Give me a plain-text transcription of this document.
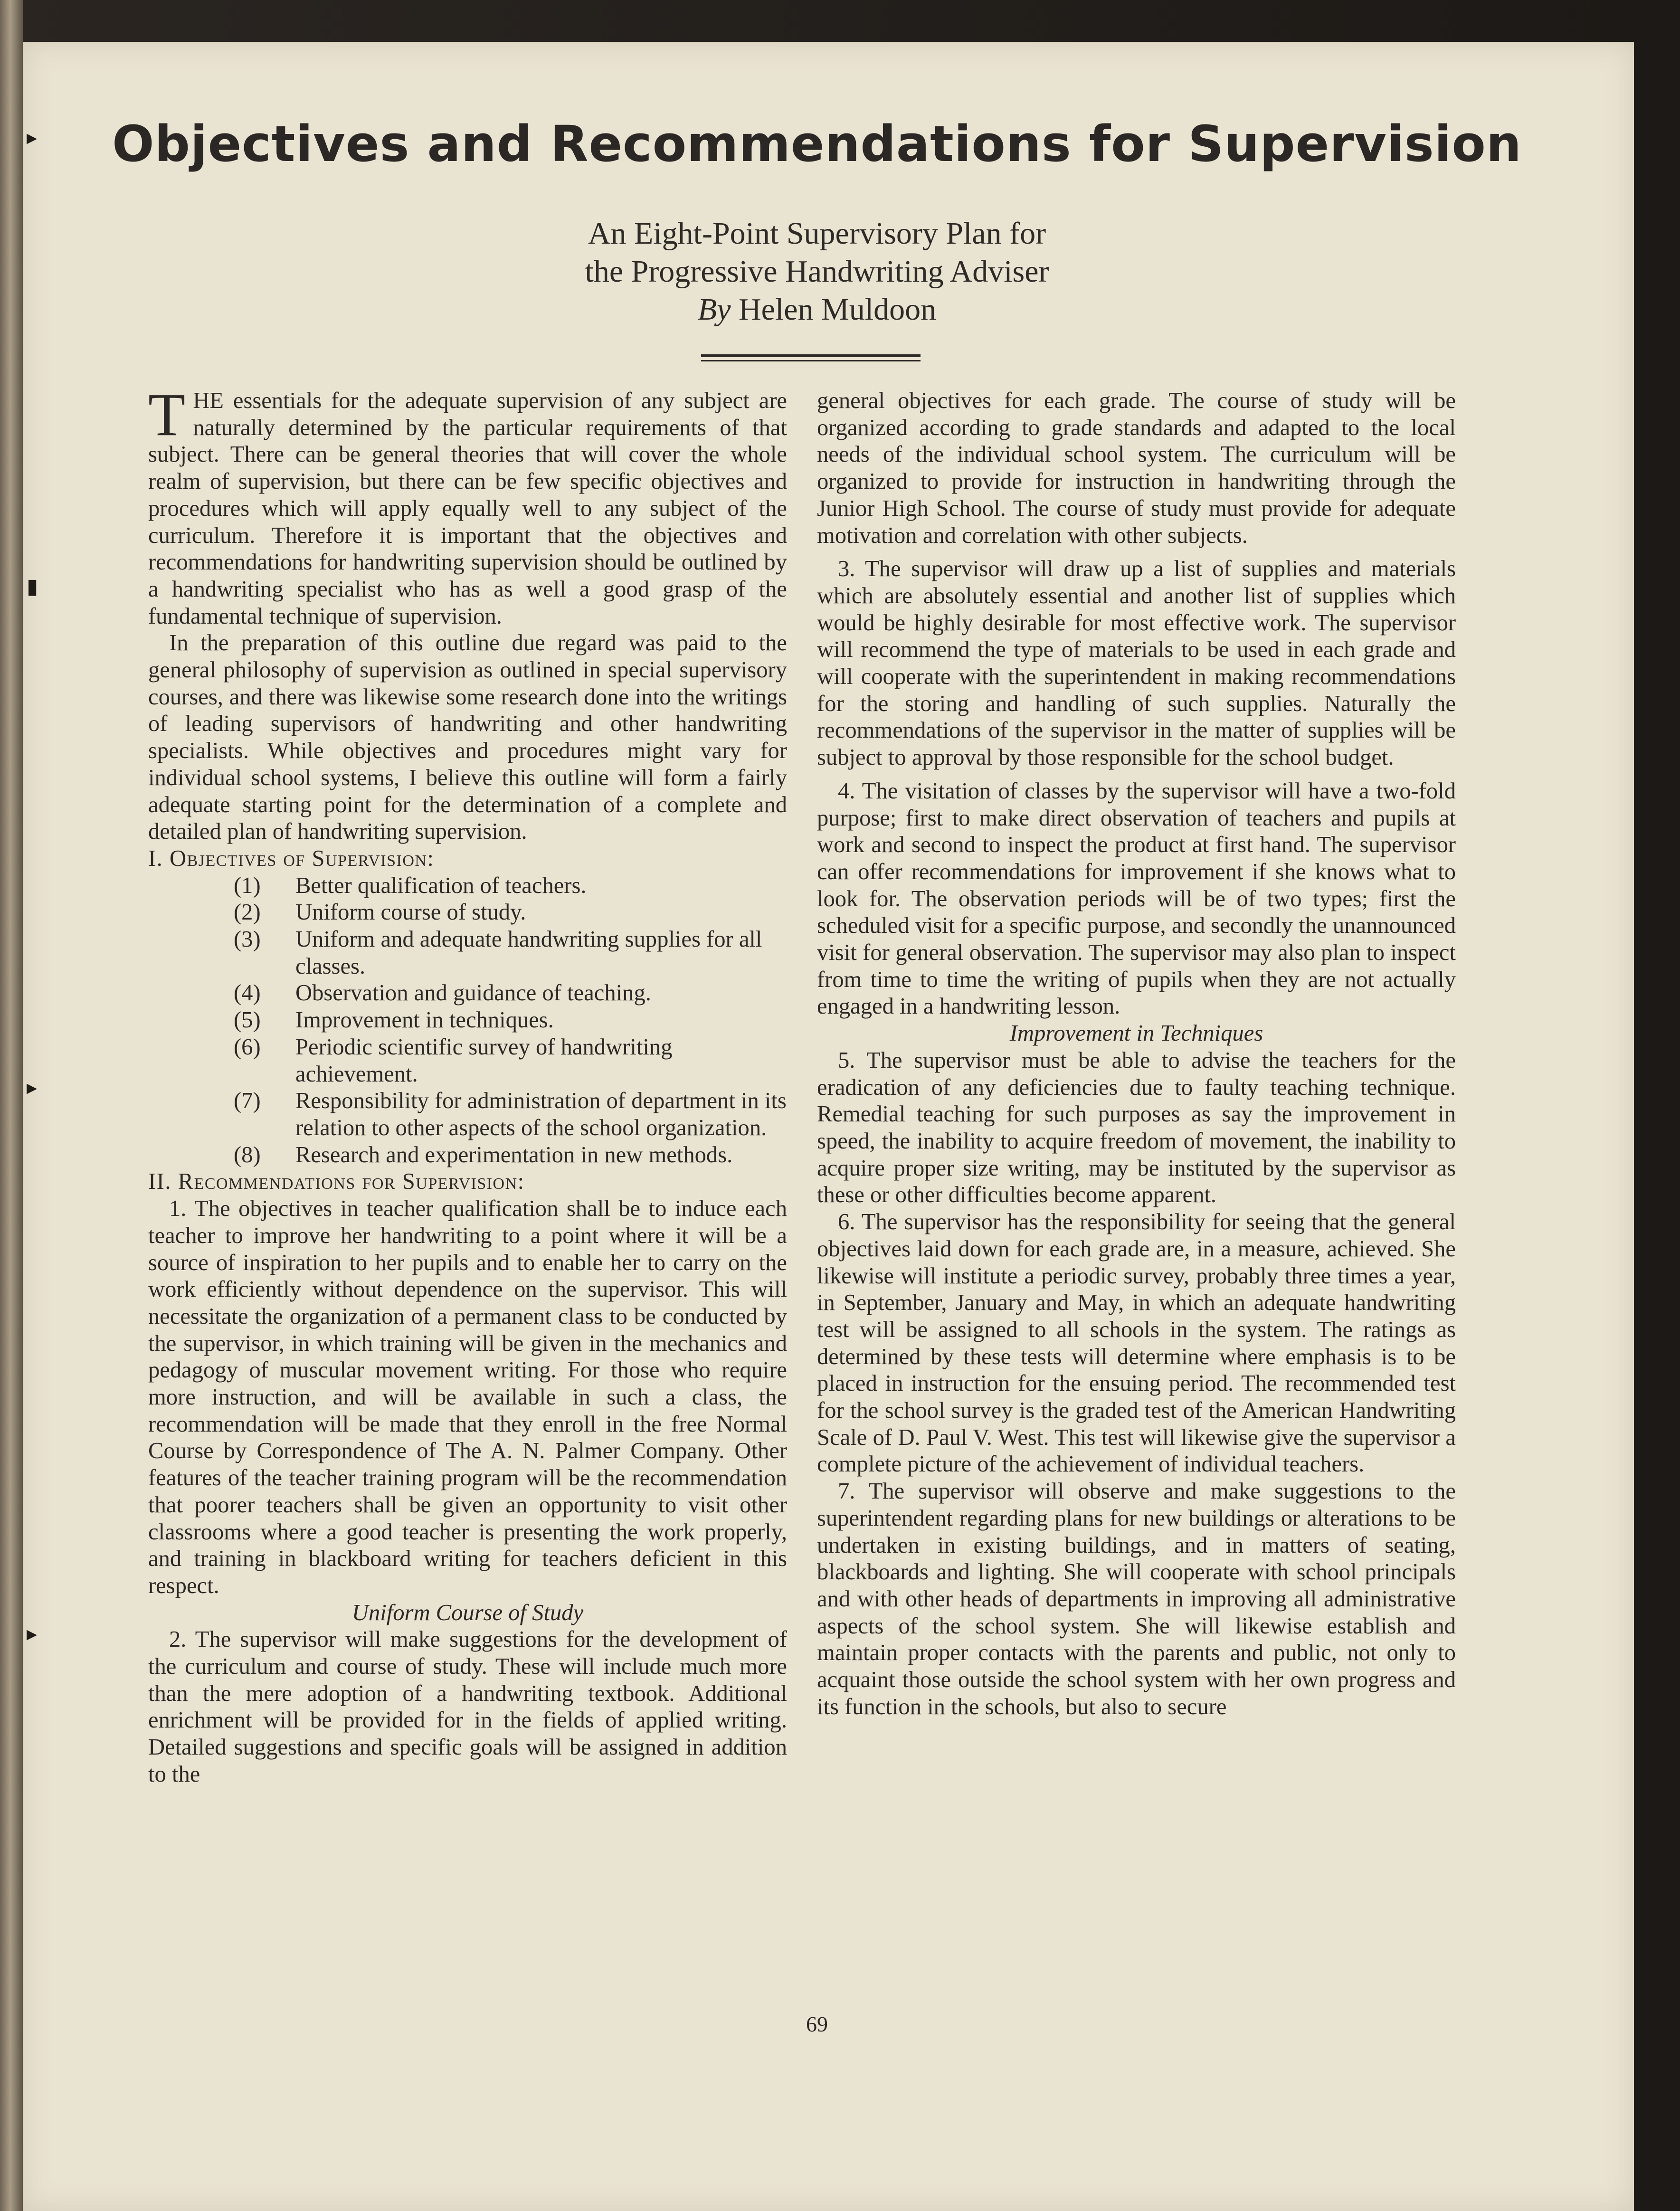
▸
▮
▸
▸
Objectives and Recommendations for Supervision
An Eight-Point Supervisory Plan for
the Progressive Handwriting Adviser
By Helen Muldoon

THE essentials for the adequate supervision of any subject are naturally determined by the particular requirements of that subject. There can be general theories that will cover the whole realm of supervision, but there can be few specific objectives and procedures which will apply equally well to any subject of the curriculum. Therefore it is important that the objectives and recommendations for handwriting supervision should be outlined by a handwriting specialist who has as well a good grasp of the fundamental technique of supervision.

In the preparation of this outline due regard was paid to the general philosophy of supervision as outlined in special supervisory courses, and there was likewise some research done into the writings of leading supervisors of handwriting and other handwriting specialists. While objectives and procedures might vary for individual school systems, I believe this outline will form a fairly adequate starting point for the determination of a complete and detailed plan of handwriting supervision.

I. Objectives of Supervision:

(1) Better qualification of teachers.
(2) Uniform course of study.
(3) Uniform and adequate handwriting supplies for all classes.
(4) Observation and guidance of teaching.
(5) Improvement in techniques.
(6) Periodic scientific survey of handwriting achievement.
(7) Responsibility for administration of department in its relation to other aspects of the school organization.
(8) Research and experimentation in new methods.

II. Recommendations for Supervision:

1. The objectives in teacher qualification shall be to induce each teacher to improve her handwriting to a point where it will be a source of inspiration to her pupils and to enable her to carry on the work efficiently without dependence on the supervisor. This will necessitate the organization of a permanent class to be conducted by the supervisor, in which training will be given in the mechanics and pedagogy of muscular movement writing. For those who require more instruction, and will be available in such a class, the recommendation will be made that they enroll in the free Normal Course by Correspondence of The A. N. Palmer Company. Other features of the teacher training program will be the recommendation that poorer teachers shall be given an opportunity to visit other classrooms where a good teacher is presenting the work properly, and training in blackboard writing for teachers deficient in this respect.

Uniform Course of Study

2. The supervisor will make suggestions for the development of the curriculum and course of study. These will include much more than the mere adoption of a handwriting textbook. Additional enrichment will be provided for in the fields of applied writing. Detailed suggestions and specific goals will be assigned in addition to the

general objectives for each grade. The course of study will be organized according to grade standards and adapted to the local needs of the individual school system. The curriculum will be organized to provide for instruction in handwriting through the Junior High School. The course of study must provide for adequate motivation and correlation with other subjects.

3. The supervisor will draw up a list of supplies and materials which are absolutely essential and another list of supplies which would be highly desirable for most effective work. The supervisor will recommend the type of materials to be used in each grade and will cooperate with the superintendent in making recommendations for the storing and handling of such supplies. Naturally the recommendations of the supervisor in the matter of supplies will be subject to approval by those responsible for the school budget.

4. The visitation of classes by the supervisor will have a two-fold purpose; first to make direct observation of teachers and pupils at work and second to inspect the product at first hand. The supervisor can offer recommendations for improvement if she knows what to look for. The observation periods will be of two types; first the scheduled visit for a specific purpose, and secondly the unannounced visit for general observation. The supervisor may also plan to inspect from time to time the writing of pupils when they are not actually engaged in a handwriting lesson.

Improvement in Techniques

5. The supervisor must be able to advise the teachers for the eradication of any deficiencies due to faulty teaching technique. Remedial teaching for such purposes as say the improvement in speed, the inability to acquire freedom of movement, the inability to acquire proper size writing, may be instituted by the supervisor as these or other difficulties become apparent.

6. The supervisor has the responsibility for seeing that the general objectives laid down for each grade are, in a measure, achieved. She likewise will institute a periodic survey, probably three times a year, in September, January and May, in which an adequate handwriting test will be assigned to all schools in the system. The ratings as determined by these tests will determine where emphasis is to be placed in instruction for the ensuing period. The recommended test for the school survey is the graded test of the American Handwriting Scale of D. Paul V. West. This test will likewise give the supervisor a complete picture of the achievement of individual teachers.

7. The supervisor will observe and make suggestions to the superintendent regarding plans for new buildings or alterations to be undertaken in existing buildings, and in matters of seating, blackboards and lighting. She will cooperate with school principals and with other heads of departments in improving all administrative aspects of the school system. She will likewise establish and maintain proper contacts with the parents and public, not only to acquaint those outside the school system with her own progress and its function in the schools, but also to secure

69
